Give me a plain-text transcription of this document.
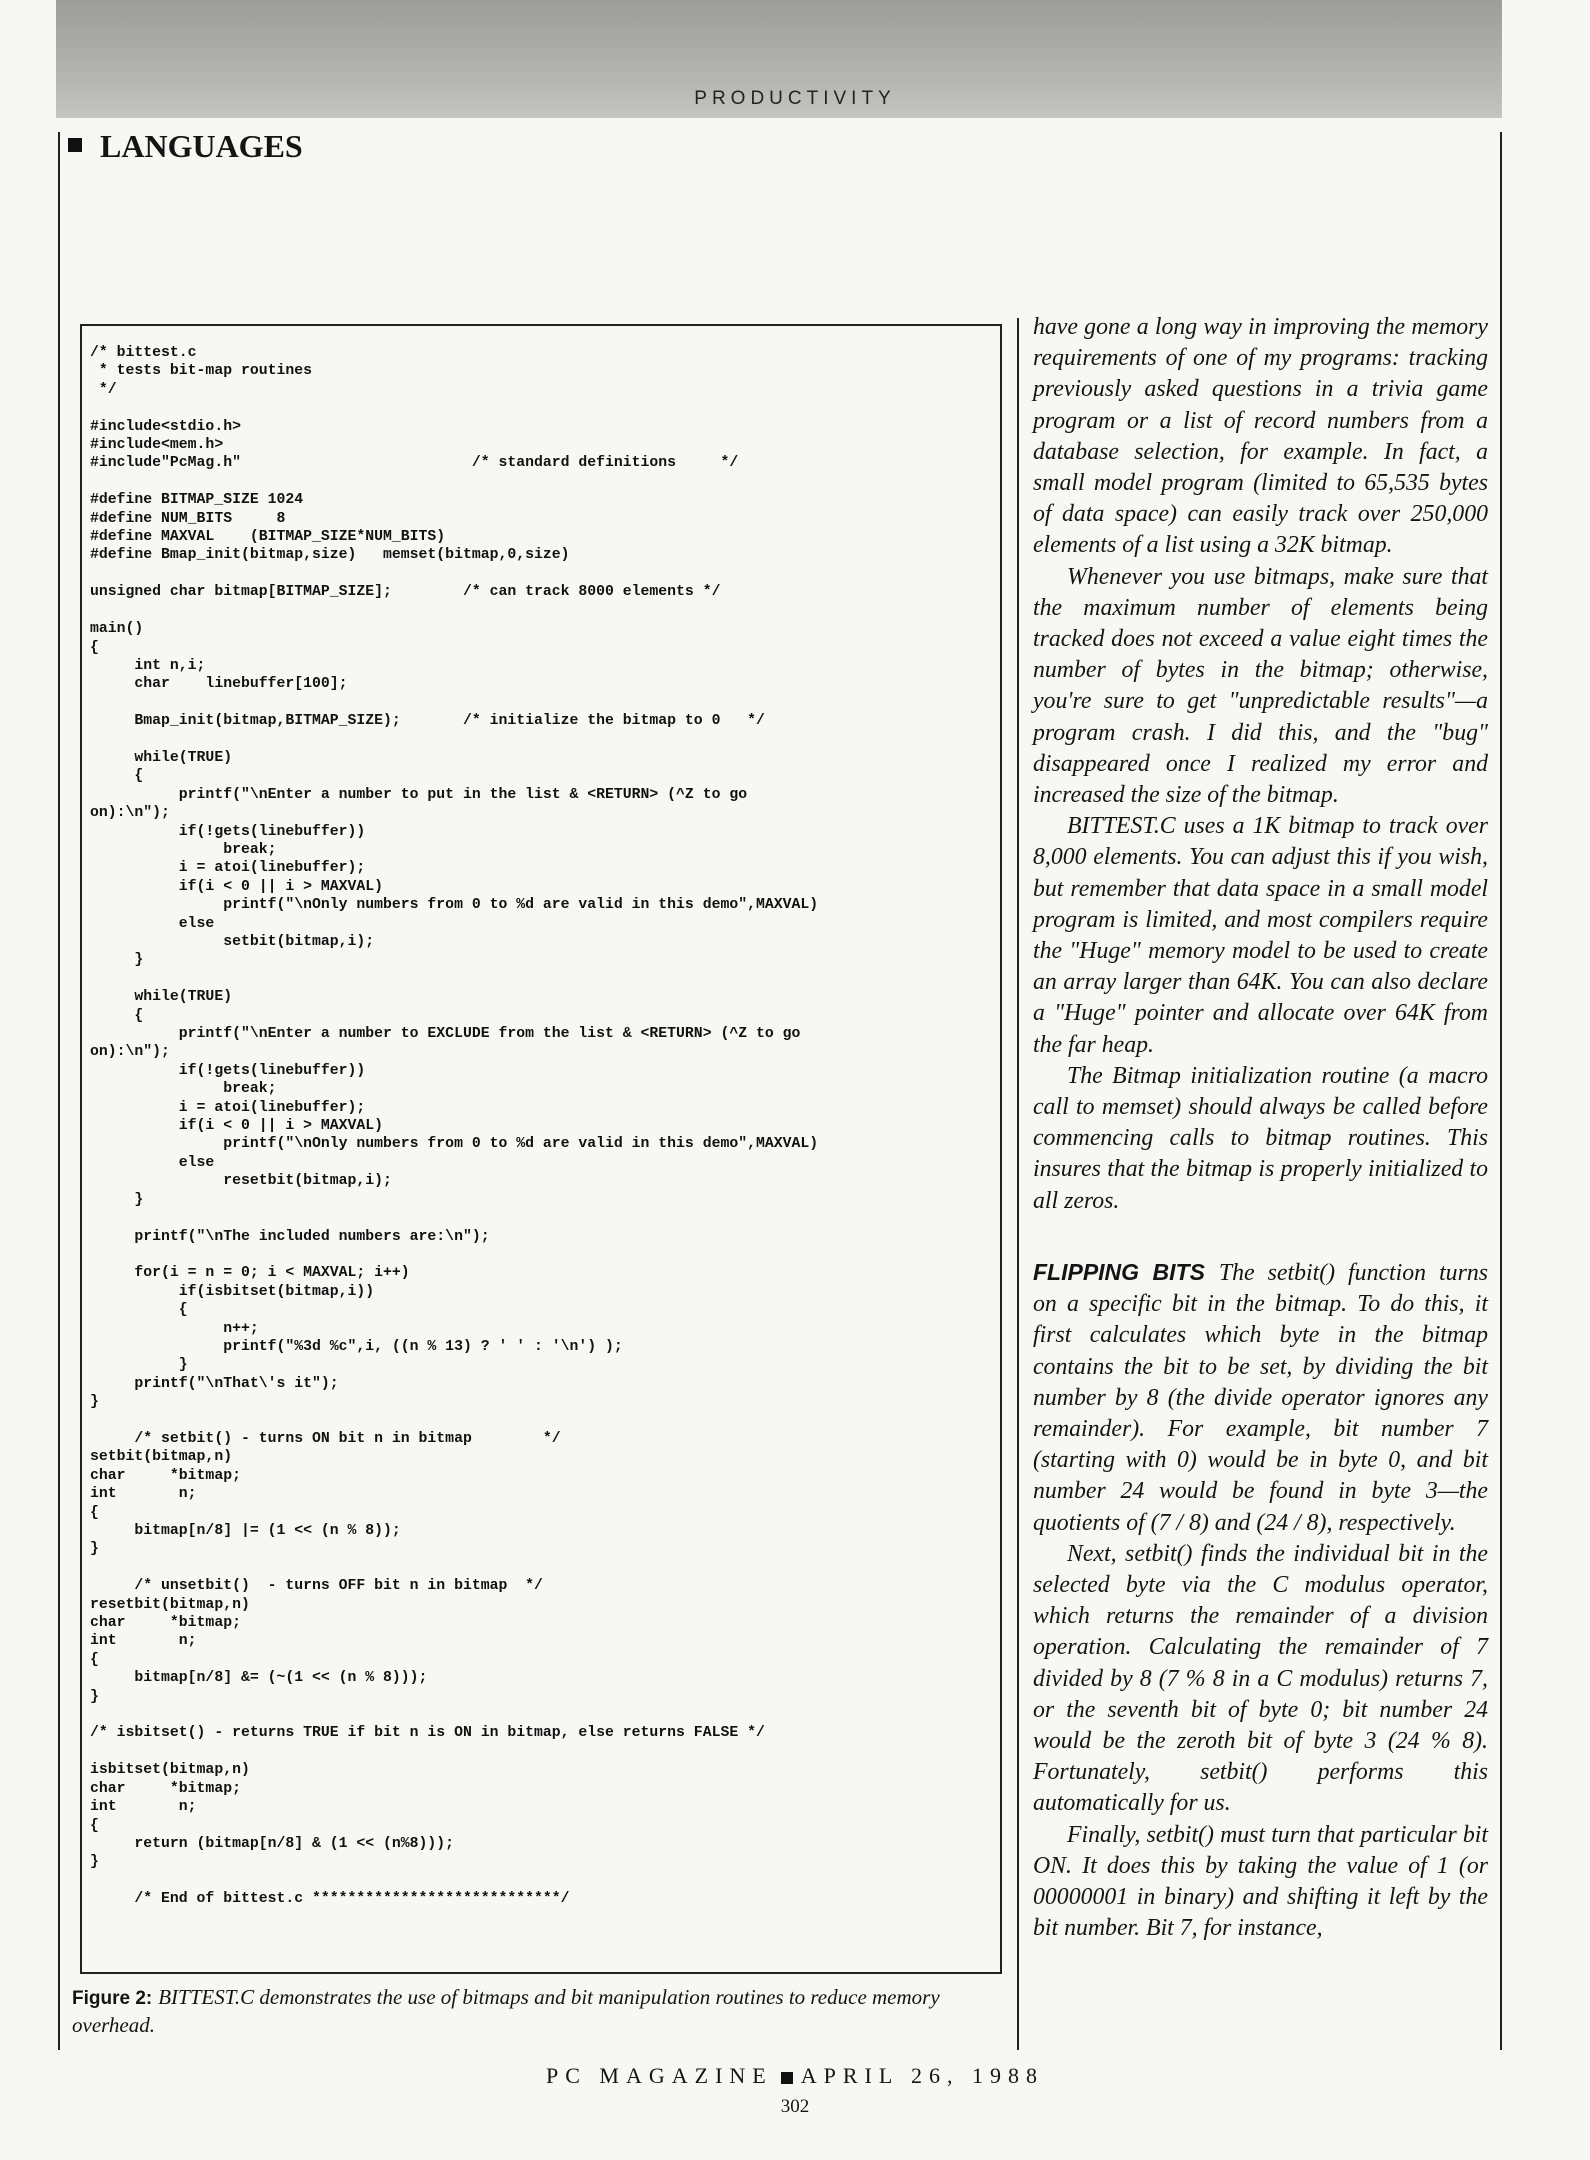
PRODUCTIVITY
LANGUAGES
/* bittest.c
* tests bit-map routines
*/

#include<stdio.h>
#include<mem.h>
#include"PcMag.h"                          /* standard definitions     */

#define BITMAP_SIZE 1024
#define NUM_BITS     8
#define MAXVAL    (BITMAP_SIZE*NUM_BITS)
#define Bmap_init(bitmap,size)   memset(bitmap,0,size)

unsigned char bitmap[BITMAP_SIZE];        /* can track 8000 elements */

main()
{
int n,i;
char    linebuffer[100];

Bmap_init(bitmap,BITMAP_SIZE);       /* initialize the bitmap to 0   */

while(TRUE)
{
printf("\nEnter a number to put in the list & <RETURN> (^Z to go
on):\n");
if(!gets(linebuffer))
break;
i = atoi(linebuffer);
if(i < 0 || i > MAXVAL)
printf("\nOnly numbers from 0 to %d are valid in this demo",MAXVAL)
else
setbit(bitmap,i);
}

while(TRUE)
{
printf("\nEnter a number to EXCLUDE from the list & <RETURN> (^Z to go
on):\n");
if(!gets(linebuffer))
break;
i = atoi(linebuffer);
if(i < 0 || i > MAXVAL)
printf("\nOnly numbers from 0 to %d are valid in this demo",MAXVAL)
else
resetbit(bitmap,i);
}

printf("\nThe included numbers are:\n");

for(i = n = 0; i < MAXVAL; i++)
if(isbitset(bitmap,i))
{
n++;
printf("%3d %c",i, ((n % 13) ? ' ' : '\n') );
}
printf("\nThat\'s it");
}

/* setbit() - turns ON bit n in bitmap        */
setbit(bitmap,n)
char     *bitmap;
int       n;
{
bitmap[n/8] |= (1 << (n % 8));
}

/* unsetbit()  - turns OFF bit n in bitmap  */
resetbit(bitmap,n)
char     *bitmap;
int       n;
{
bitmap[n/8] &= (~(1 << (n % 8)));
}

/* isbitset() - returns TRUE if bit n is ON in bitmap, else returns FALSE */

isbitset(bitmap,n)
char     *bitmap;
int       n;
{
return (bitmap[n/8] & (1 << (n%8)));
}

/* End of bittest.c ****************************/

Figure 2: BITTEST.C demonstrates the use of bitmaps and bit manipulation routines to reduce memory overhead.

have gone a long way in improving the memory requirements of one of my programs: tracking previously asked questions in a trivia game program or a list of record numbers from a database selection, for example. In fact, a small model program (limited to 65,535 bytes of data space) can easily track over 250,000 elements of a list using a 32K bitmap.

Whenever you use bitmaps, make sure that the maximum number of elements being tracked does not exceed a value eight times the number of bytes in the bitmap; otherwise, you're sure to get "unpredictable results"—a program crash. I did this, and the "bug" disappeared once I realized my error and increased the size of the bitmap.

BITTEST.C uses a 1K bitmap to track over 8,000 elements. You can adjust this if you wish, but remember that data space in a small model program is limited, and most compilers require the "Huge" memory model to be used to create an array larger than 64K. You can also declare a "Huge" pointer and allocate over 64K from the far heap.

The Bitmap initialization routine (a macro call to memset) should always be called before commencing calls to bitmap routines. This insures that the bitmap is properly initialized to all zeros.

FLIPPING BITS The setbit() function turns on a specific bit in the bitmap. To do this, it first calculates which byte in the bitmap contains the bit to be set, by dividing the bit number by 8 (the divide operator ignores any remainder). For example, bit number 7 (starting with 0) would be in byte 0, and bit number 24 would be found in byte 3—the quotients of (7 / 8) and (24 / 8), respectively.

Next, setbit() finds the individual bit in the selected byte via the C modulus operator, which returns the remainder of a division operation. Calculating the remainder of 7 divided by 8 (7 % 8 in a C modulus) returns 7, or the seventh bit of byte 0; bit number 24 would be the zeroth bit of byte 3 (24 % 8). Fortunately, setbit() performs this automatically for us.

Finally, setbit() must turn that particular bit ON. It does this by taking the value of 1 (or 00000001 in binary) and shifting it left by the bit number. Bit 7, for instance,

PC MAGAZINE APRIL 26, 1988
302
